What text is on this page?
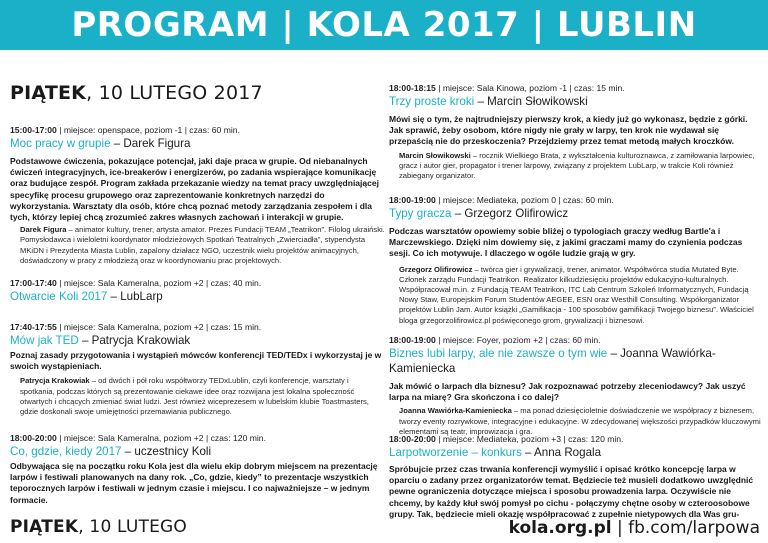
PROGRAM | KOLA 2017 | LUBLIN
PIĄTEK, 10 LUTEGO 2017
15:00-17:00 | miejsce: openspace, poziom -1 | czas: 60 min.
Moc pracy w grupie – Darek Figura
Podstawowe ćwiczenia, pokazujące potencjał, jaki daje praca w grupie. Od niebanalnych ćwiczeń integracyjnych, ice-breakerów i energizerów, po zadania wspierające komunikację oraz budujące zespół. Program zakłada przekazanie wiedzy na temat pracy uwzględniającej specyfikę procesu grupowego oraz zaprezentowanie konkretnych narzędzi do wykorzystania. Warsztaty dla osób, które chcą poznać metody zarządzania zespołem i dla tych, którzy lepiej chcą zrozumieć zakres własnych zachowań i interakcji w grupie.
Darek Figura – animator kultury, trener, artysta amator. Prezes Fundacji TEAM „Teatrikon”. Filolog ukraiński. Pomysłodawca i wieloletni koordynator młodzieżowych Spotkań Teatralnych „Zwierciadła”, stypendysta MKiDN i Prezydenta Miasta Lublin, zapalony działacz NGO, uczestnik wielu projektów animacyjnych, doświadczony w pracy z młodzieżą oraz w koordynowaniu prac projektowych.
17:00-17:40 | miejsce: Sala Kameralna, poziom +2 | czas: 40 min.
Otwarcie Koli 2017 – LubLarp
17:40-17:55 | miejsce: Sala Kameralna, poziom +2 | czas: 15 min.
Mów jak TED – Patrycja Krakowiak
Poznaj zasady przygotowania i wystąpień mówców konferencji TED/TEDx i wykorzystaj je w swoich wystąpieniach.
Patrycja Krakowiak – od dwóch i pół roku współtworzy TEDxLublin, czyli konferencje, warsztaty i spotkania, podczas których są prezentowanie ciekawe idee oraz rozwijana jest lokalna społeczność otwartych i chcących zmieniać świat ludzi. Jest również wiceprezesem w lubelskim klubie Toastmasters, gdzie doskonali swoje umiejętności przemawiania publicznego.
18:00-20:00 | miejsce: Sala Kameralna, poziom +2 | czas: 120 min.
Co, gdzie, kiedy 2017 – uczestnicy Koli
Odbywająca się na początku roku Kola jest dla wielu ekip dobrym miejscem na prezentację larpów i festiwali planowanych na dany rok. „Co, gdzie, kiedy” to prezentacje wszystkich teporocznych larpów i festiwali w jednym czasie i miejscu. I co najważniejsze – w jednym formacie.
PIĄTEK, 10 LUTEGO
18:00-18:15 | miejsce: Sala Kinowa, poziom -1 | czas: 15 min.
Trzy proste kroki – Marcin Słowikowski
Mówi się o tym, że najtrudniejszy pierwszy krok, a kiedy już go wykonasz, będzie z górki. Jak sprawić, żeby osobom, które nigdy nie grały w larpy, ten krok nie wydawał się przepaścią nie do przeskoczenia? Przejdziemy przez temat metodą małych kroczków.
Marcin Słowikowski – rocznik Wielkiego Brata, z wykształcenia kulturoznawca, z zamiłowania larpowiec, gracz i autor gier, propagator i trener larpowy, związany z projektem LubLarp, w trakcie Koli również zabiegany organizator.
18:00-19:00 | miejsce: Mediateka, poziom 0 | czas: 60 min.
Typy gracza – Grzegorz Olifirowicz
Podczas warsztatów opowiemy sobie bliżej o typologiach graczy według Bartle'a i Marczewskiego. Dzięki nim dowiemy się, z jakimi graczami mamy do czynienia podczas sesji. Co ich motywuje. I dlaczego w ogóle ludzie grają w gry.
Grzegorz Olifirowicz – twórca gier i grywalizacji, trener, animator. Współtwórca studia Mutated Byte. Członek zarządu Fundacji Teatrikon. Realizator kilkudziesięciu projektów edukacyjno-kulturalnych. Współpracował m.in. z Fundacją TEAM Teatrikon, ITC Lab Centrum Szkoleń Informatycznych, Fundacją Nowy Staw, Europejskim Forum Studentów AEGEE, ESN oraz Westhill Consulting. Współorganizator projektów Lublin Jam. Autor książki „Gamifikacja - 100 sposobów gamifikacji Twojego biznesu”. Właściciel bloga grzegorzolifirowicz.pl poświęconego grom, grywalizacji i biznesowi.
18:00-19:00 | miejsce: Foyer, poziom +2 | czas: 60 min.
Biznes lubi larpy, ale nie zawsze o tym wie – Joanna Wawiórka-Kamieniecka
Jak mówić o larpach dla biznesu? Jak rozpoznawać potrzeby zleceniodawcy? Jak uszyć larpa na miarę? Gra skończona i co dalej?
Joanna Wawiórka-Kamieniecka – ma ponad dziesięcioletnie doświadczenie we współpracy z biznesem, tworzy eventy rozrywkowe, integracyjne i edukacyjne. W zdecydowanej większości przypadków kluczowymi elementami są teatr, improwizacja i gra.
18:00-20:00 | miejsce: Mediateka, poziom +3 | czas: 120 min.
Larpotworzenie – konkurs – Anna Rogala
Spróbujcie przez czas trwania konferencji wymyślić i opisać krótko koncepcję larpa w oparciu o zadany przez organizatorów temat. Będziecie też musieli dodatkowo uwzględnić pewne ograniczenia dotyczące miejsca i sposobu prowadzenia larpa. Oczywiście nie chcemy, by każdy kłuł swój pomysł po cichu - połączymy chętne osoby w czteroosobowe grupy. Tak, będziecie mieli okazję współpracować z zupełnie nietypowych dla Was gru-
kola.org.pl | fb.com/larpowa
